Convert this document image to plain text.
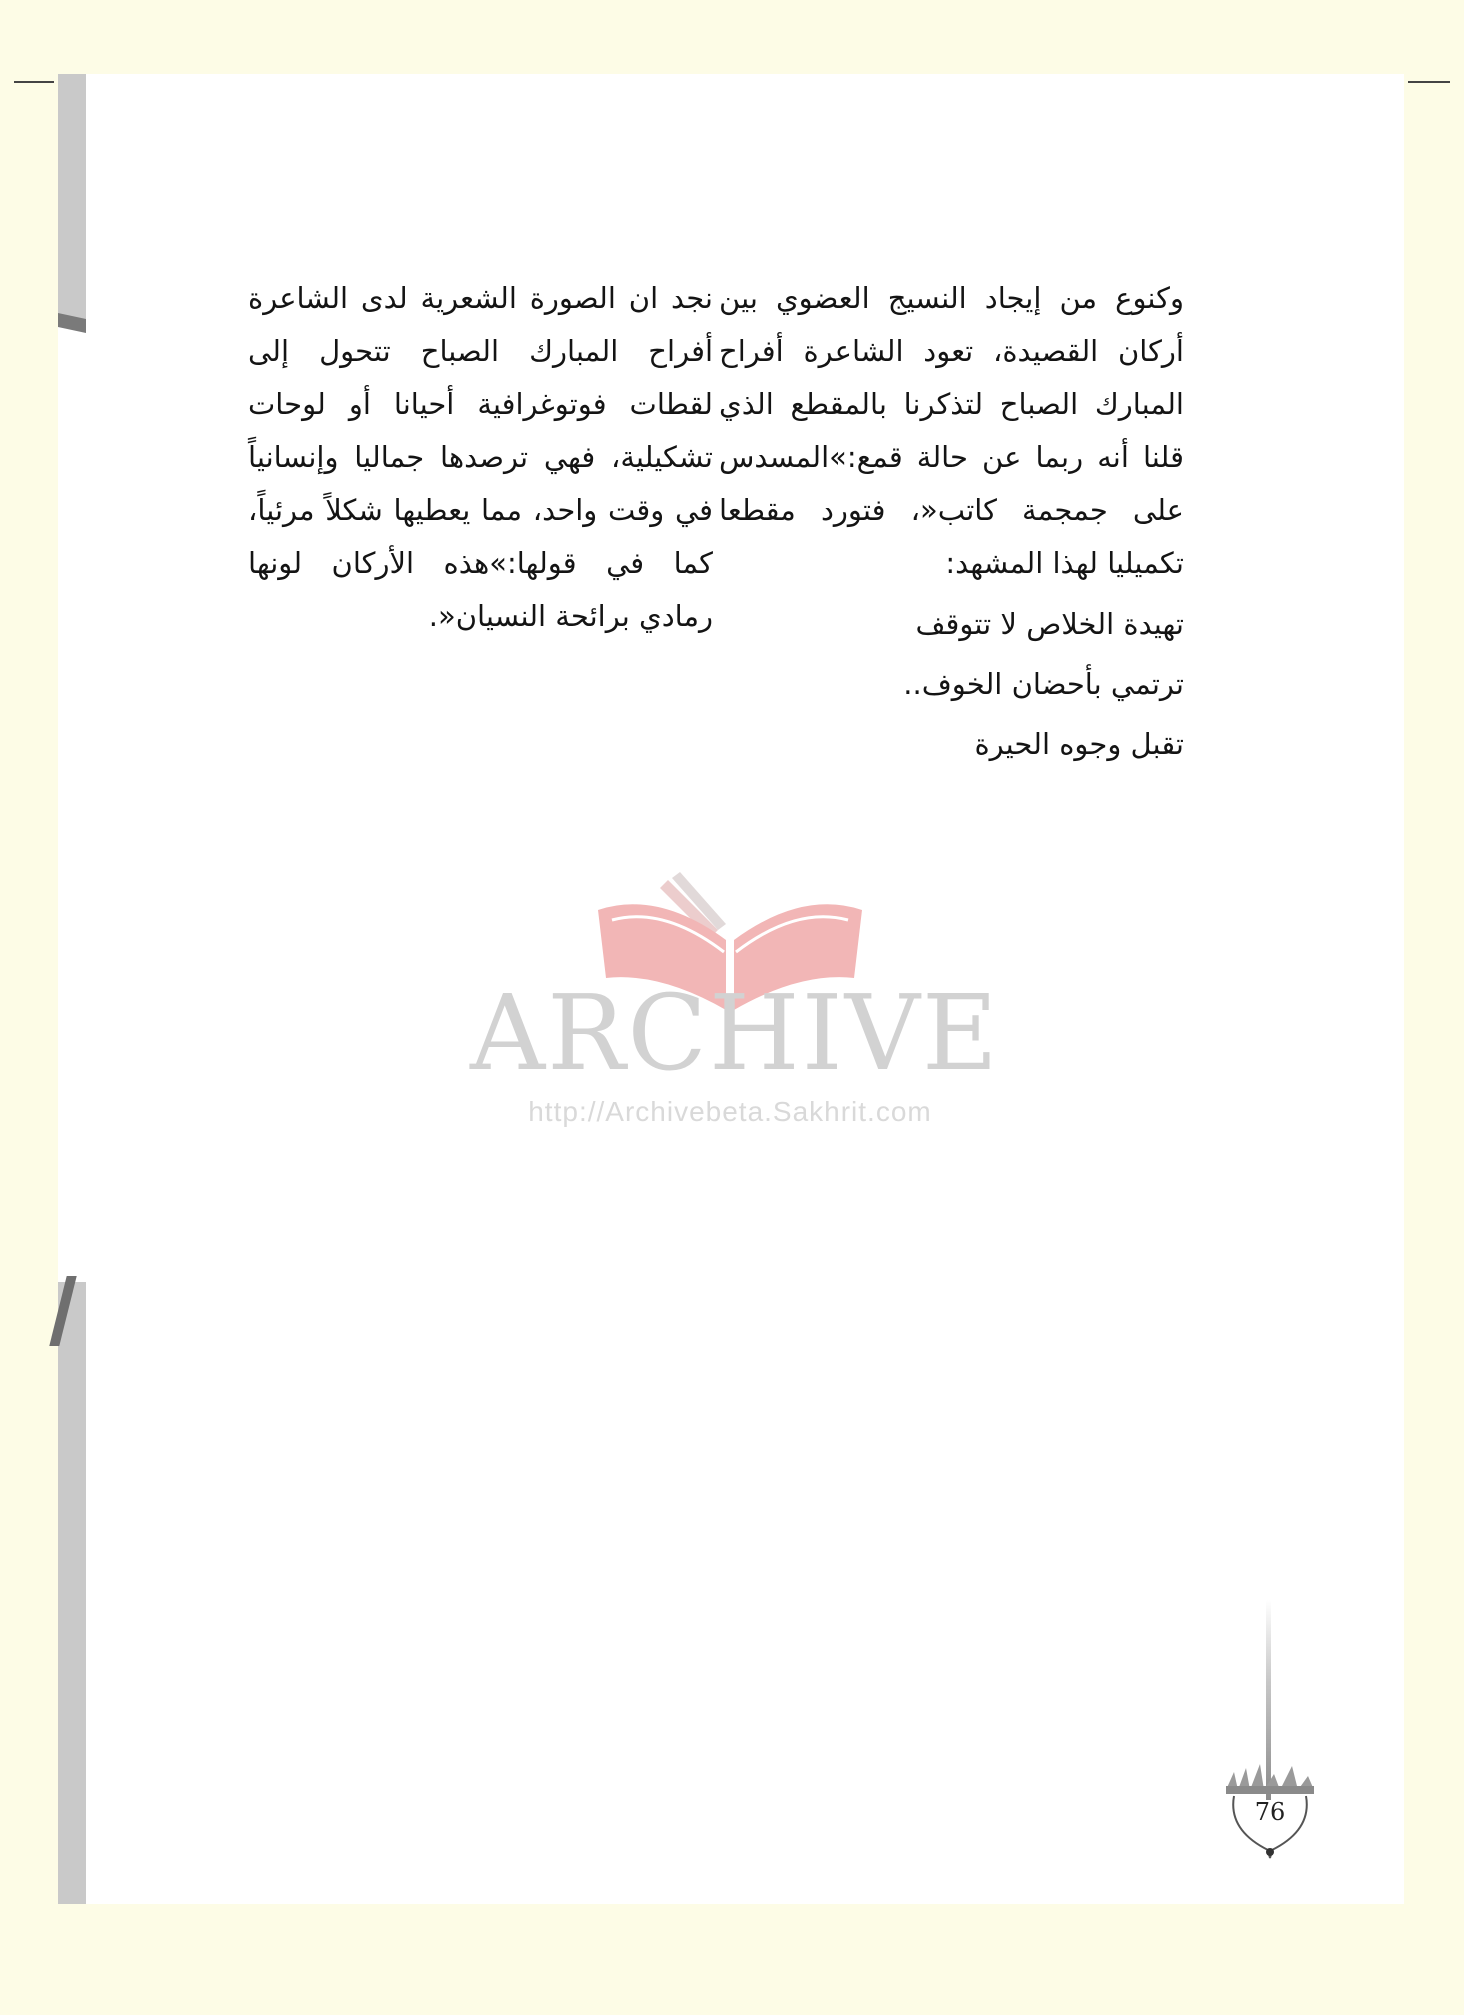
وكنوع من إيجاد النسيج العضوي بين أركان القصيدة، تعود الشاعرة أفراح المبارك الصباح لتذكرنا بالمقطع الذي قلنا أنه ربما عن حالة قمع:»المسدس على جمجمة كاتب«، فتورد مقطعا تكميليا لهذا المشهد:
تهيدة الخلاص لا تتوقف
ترتمي بأحضان الخوف..
تقبل وجوه الحيرة
نجد ان الصورة الشعرية لدى الشاعرة أفراح المبارك الصباح تتحول إلى لقطات فوتوغرافية أحيانا أو لوحات تشكيلية، فهي ترصدها جماليا وإنسانياً في وقت واحد، مما يعطيها شكلاً مرئياً، كما في قولها:»هذه الأركان لونها رمادي برائحة النسيان«.
ARCHIVE
http://Archivebeta.Sakhrit.com
76
